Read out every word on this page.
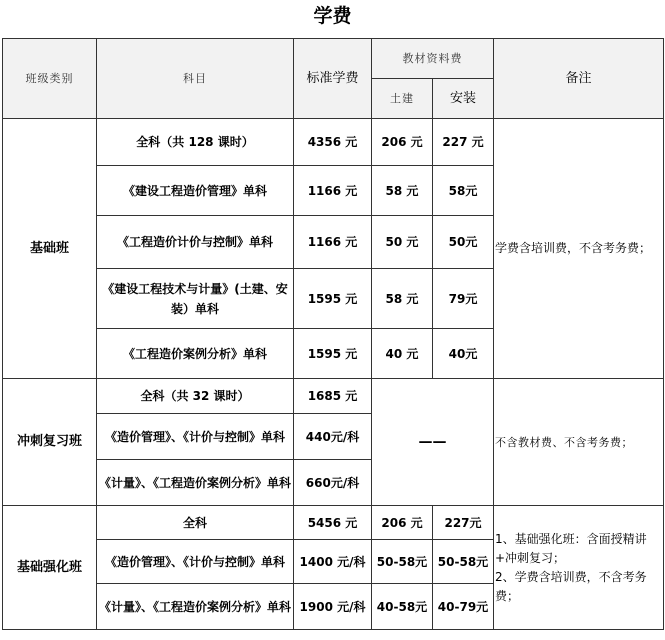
学费
班级类别	科目	标准学费	教材资料费		备注
			土建	安装	
基础班	全科（共 128 课时）	4356 元	206 元	227 元	学费含培训费，不含考务费；
	《建设工程造价管理》单科	1166 元	58 元	58元	
	《工程造价计价与控制》单科	1166 元	50 元	50元	
	《建设工程技术与计量》(土建、安装）单科	1595 元	58 元	79元	
	《工程造价案例分析》单科	1595 元	40 元	40元	
冲刺复习班	全科（共 32 课时）	1685 元	——		不含教材费、不含考务费；
	《造价管理》、《计价与控制》单科	440元/科			
	《计量》、《工程造价案例分析》单科	660元/科			
基础强化班	全科	5456 元	206 元	227元	1、基础强化班：含面授精讲+冲刺复习；
2、学费含培训费，不含考务费；

	《造价管理》、《计价与控制》单科	1400 元/科	50-58元	50-58元	
	《计量》、《工程造价案例分析》单科	1900 元/科	40-58元	40-79元	
